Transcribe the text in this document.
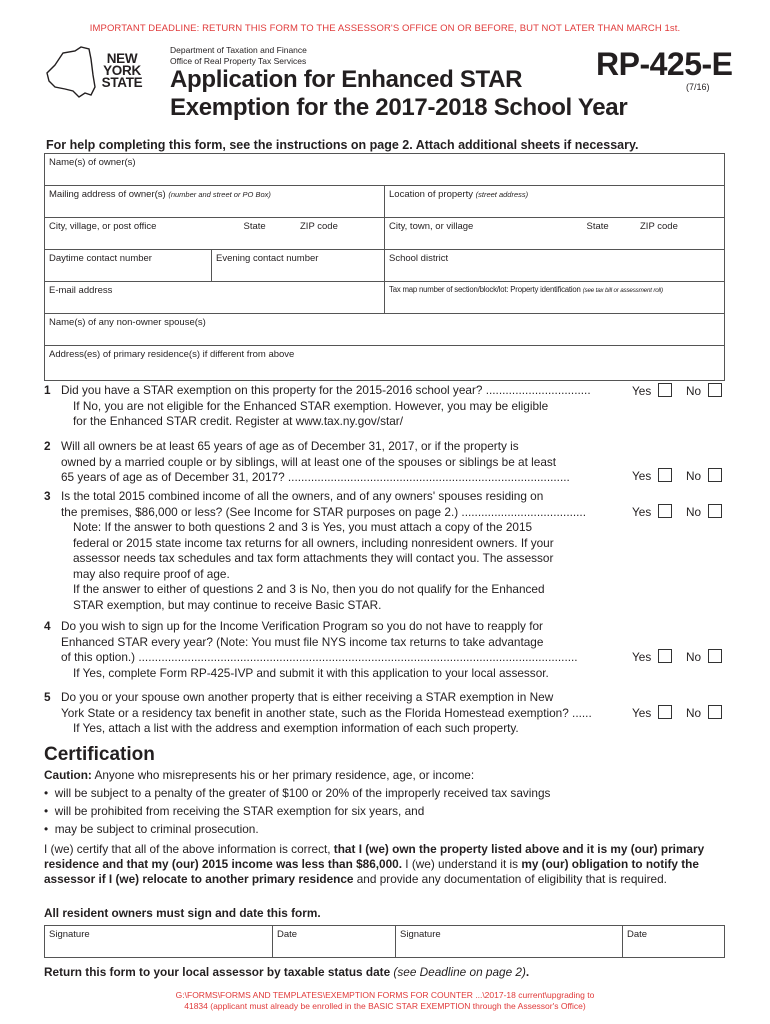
IMPORTANT DEADLINE: RETURN THIS FORM TO THE ASSESSOR'S OFFICE ON OR BEFORE, BUT NOT LATER THAN MARCH 1st.
NEW
YORK
STATE
Department of Taxation and Finance
Office of Real Property Tax Services	RP-425-E
(7/16)
Application for Enhanced STAR
Exemption for the 2017-2018 School Year
For help completing this form, see the instructions on page 2. Attach additional sheets if necessary.
Name(s) of owner(s)		
Mailing address of owner(s) (number and street or PO Box)		Location of property (street address)

City, village, or post office State ZIP code		City, town, or village State ZIP code

Daytime contact number	Evening contact number	School district
E-mail address		Tax map number of section/block/lot: Property identification (see tax bill or assessment roll)
Name(s) of any non-owner spouse(s)		
Address(es) of primary residence(s) if different from above		
1 Did you have a STAR exemption on this property for the 2015-2016 school year? ................................
If No, you are not eligible for the Enhanced STAR exemption. However, you may be eligible
for the Enhanced STAR credit. Register at www.tax.ny.gov/star/
Yes	No
2 Will all owners be at least 65 years of age as of December 31, 2017, or if the property is
owned by a married couple or by siblings, will at least one of the spouses or siblings be at least
65 years of age as of December 31, 2017? ......................................................................................	Yes	No
3 Is the total 2015 combined income of all the owners, and of any owners' spouses residing on
the premises, $86,000 or less? (See Income for STAR purposes on page 2.) ......................................
Note: If the answer to both questions 2 and 3 is Yes, you must attach a copy of the 2015
federal or 2015 state income tax returns for all owners, including nonresident owners. If your
assessor needs tax schedules and tax form attachments they will contact you. The assessor
may also require proof of age.
If the answer to either of questions 2 and 3 is No, then you do not qualify for the Enhanced
STAR exemption, but may continue to receive Basic STAR.
Yes	No
4 Do you wish to sign up for the Income Verification Program so you do not have to reapply for
Enhanced STAR every year? (Note: You must file NYS income tax returns to take advantage
of this option.) ......................................................................................................................................
If Yes, complete Form RP-425-IVP and submit it with this application to your local assessor.
Yes	No
5 Do you or your spouse own another property that is either receiving a STAR exemption in New
York State or a residency tax benefit in another state, such as the Florida Homestead exemption? ......
If Yes, attach a list with the address and exemption information of each such property.
Yes	No
Certification
Caution: Anyone who misrepresents his or her primary residence, age, or income:
•  will be subject to a penalty of the greater of $100 or 20% of the improperly received tax savings
•  will be prohibited from receiving the STAR exemption for six years, and
•  may be subject to criminal prosecution.
I (we) certify that all of the above information is correct, that I (we) own the property listed above and it is my (our) primary residence and that my (our) 2015 income was less than $86,000. I (we) understand it is my (our) obligation to notify the assessor if I (we) relocate to another primary residence and provide any documentation of eligibility that is required.
All resident owners must sign and date this form.
Signature	Date	Signature	Date
Return this form to your local assessor by taxable status date (see Deadline on page 2).
G:\FORMS\FORMS AND TEMPLATES\EXEMPTION FORMS FOR COUNTER ...\2017-18 current\upgrading to
41834 (applicant must already be enrolled in the BASIC STAR EXEMPTION through the Assessor's Office)
